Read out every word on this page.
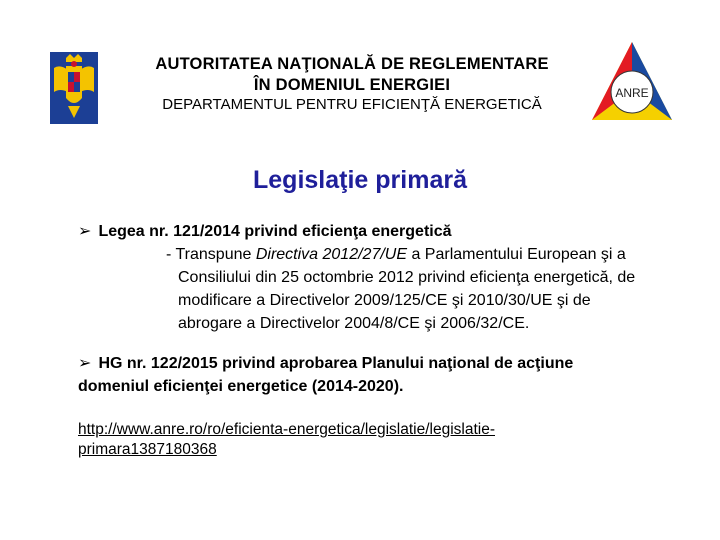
AUTORITATEA NAŢIONALĂ DE REGLEMENTARE
ÎN DOMENIUL ENERGIEI
DEPARTAMENTUL PENTRU EFICIENŢĂ ENERGETICĂ
ANRE
Legislaţie primară
➢ Legea nr. 121/2014 privind eficienţa energetică
- Transpune Directiva 2012/27/UE a Parlamentului European şi a
Consiliului din 25 octombrie 2012 privind eficienţa energetică, de
modificare a Directivelor 2009/125/CE şi 2010/30/UE şi de
abrogare a Directivelor 2004/8/CE şi 2006/32/CE.
➢ HG nr. 122/2015 privind aprobarea Planului naţional de acţiune
domeniul eficienţei energetice (2014-2020).
http://www.anre.ro/ro/eficienta-energetica/legislatie/legislatie-
primara1387180368
